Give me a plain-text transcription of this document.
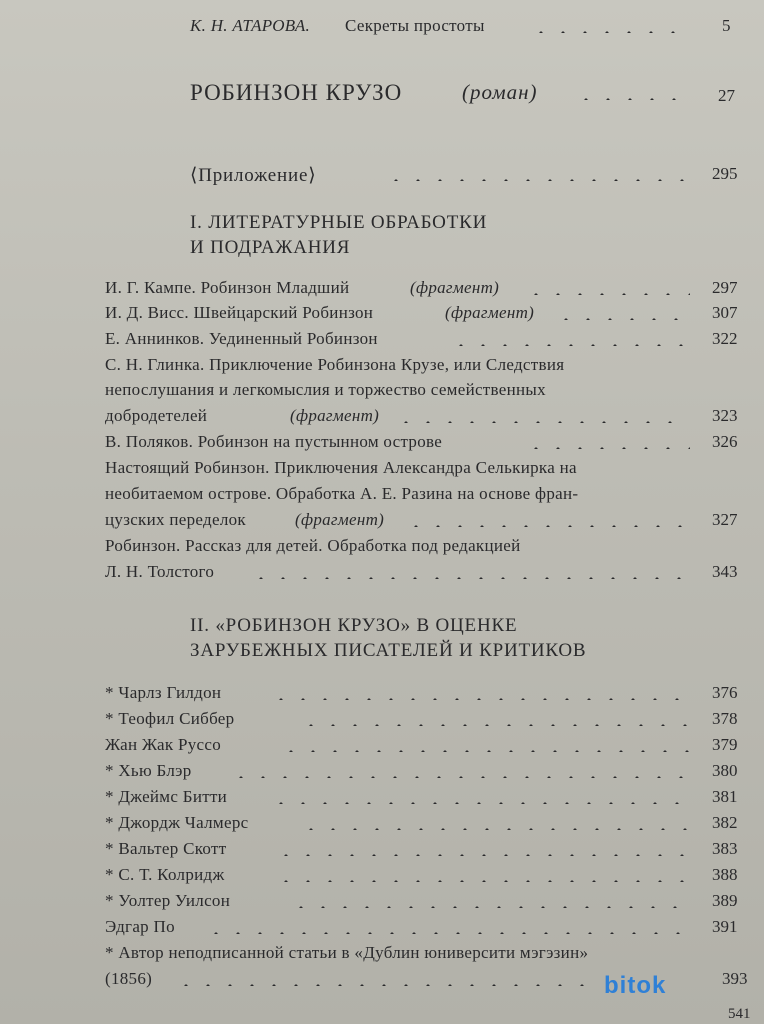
К. Н. АТАРОВА. Секреты простоты	5
РОБИНЗОН КРУЗО	(роман)	27
⟨Приложение⟩	295
I. ЛИТЕРАТУРНЫЕ ОБРАБОТКИ
И ПОДРАЖАНИЯ
И. Г. Кампе. Робинзон Младший	(фрагмент)	297
И. Д. Висс. Швейцарский Робинзон	(фрагмент)	307
Е. Аннинков. Уединенный Робинзон	322
С. Н. Глинка. Приключение Робинзона Крузе, или Следствия
непослушания и легкомыслия и торжество семейственных
добродетелей	(фрагмент)	323
В. Поляков. Робинзон на пустынном острове	326
Настоящий Робинзон. Приключения Александра Селькирка на
необитаемом острове. Обработка А. Е. Разина на основе фран-
цузских переделок	(фрагмент)	327
Робинзон. Рассказ для детей. Обработка под редакцией
Л. Н. Толстого	343
II. «РОБИНЗОН КРУЗО» В ОЦЕНКЕ
ЗАРУБЕЖНЫХ ПИСАТЕЛЕЙ И КРИТИКОВ
* Чарлз Гилдон	376
* Теофил Сиббер	378
Жан Жак Руссо	379
* Хью Блэр	380
* Джеймс Битти	381
* Джордж Чалмерс	382
* Вальтер Скотт	383
* С. Т. Колридж	388
* Уолтер Уилсон	389
Эдгар По	391
* Автор неподписанной статьи в «Дублин юниверсити мэгэзин»
(1856)	393
541
bitok
